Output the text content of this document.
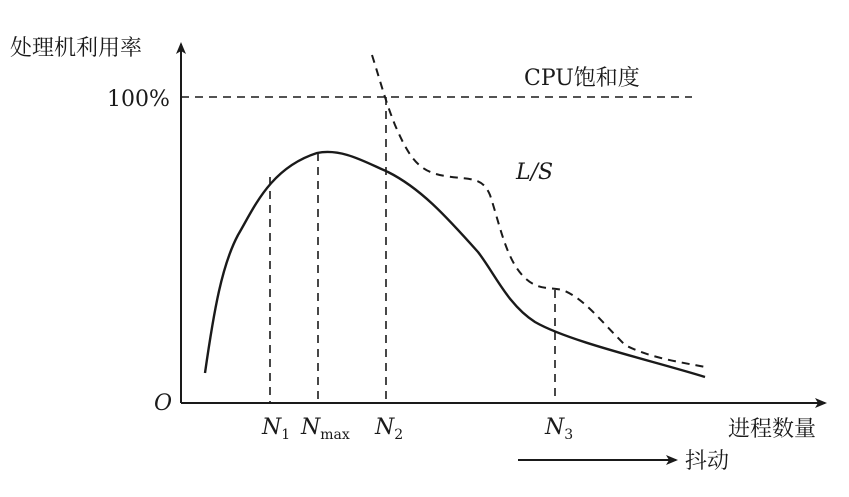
处理机利用率
进程数量
O
100%
CPU饱和度
L/S
$N_1$ $N_{max}$ $N_2$	$N_3$
抖动
